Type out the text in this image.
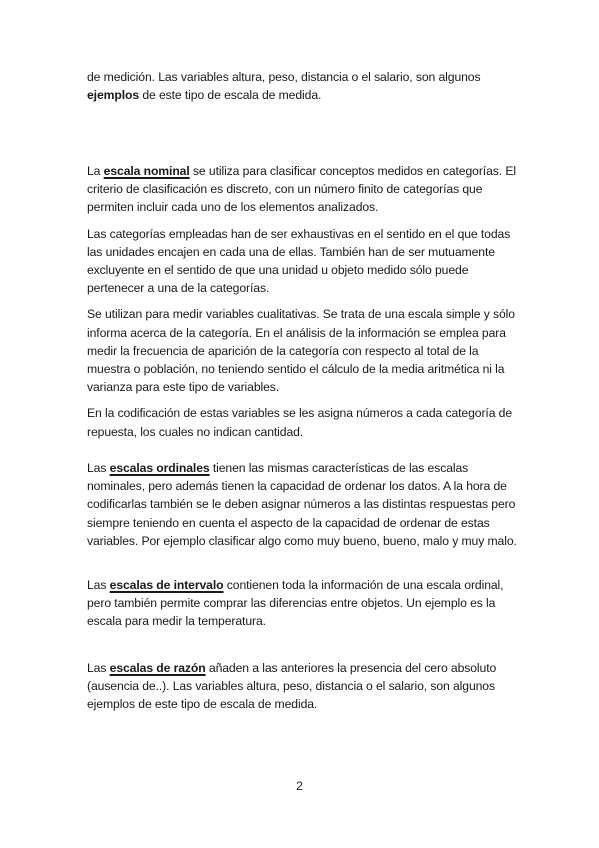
de medición. Las variables altura, peso, distancia o el salario, son algunos ejemplos de este tipo de escala de medida.

La escala nominal se utiliza para clasificar conceptos medidos en categorías. El criterio de clasificación es discreto, con un número finito de categorías que permiten incluir cada uno de los elementos analizados.

Las categorías empleadas han de ser exhaustivas en el sentido en el que todas las unidades encajen en cada una de ellas. También han de ser mutuamente excluyente en el sentido de que una unidad u objeto medido sólo puede pertenecer a una de la categorías.

Se utilizan para medir variables cualitativas. Se trata de una escala simple y sólo informa acerca de la categoría. En el análisis de la información se emplea para medir la frecuencia de aparición de la categoría con respecto al total de la muestra o población, no teniendo sentido el cálculo de la media aritmética ni la varianza para este tipo de variables.

En la codificación de estas variables se les asigna números a cada categoría de repuesta, los cuales no indican cantidad.

Las escalas ordinales tienen las mismas características de las escalas nominales, pero además tienen la capacidad de ordenar los datos. A la hora de codificarlas también se le deben asignar números a las distintas respuestas pero siempre teniendo en cuenta el aspecto de la capacidad de ordenar de estas variables. Por ejemplo clasificar algo como muy bueno, bueno, malo y muy malo.

Las escalas de intervalo contienen toda la información de una escala ordinal, pero también permite comprar las diferencias entre objetos. Un ejemplo es la escala para medir la temperatura.

Las escalas de razón añaden a las anteriores la presencia del cero absoluto (ausencia de..). Las variables altura, peso, distancia o el salario, son algunos ejemplos de este tipo de escala de medida.

2
